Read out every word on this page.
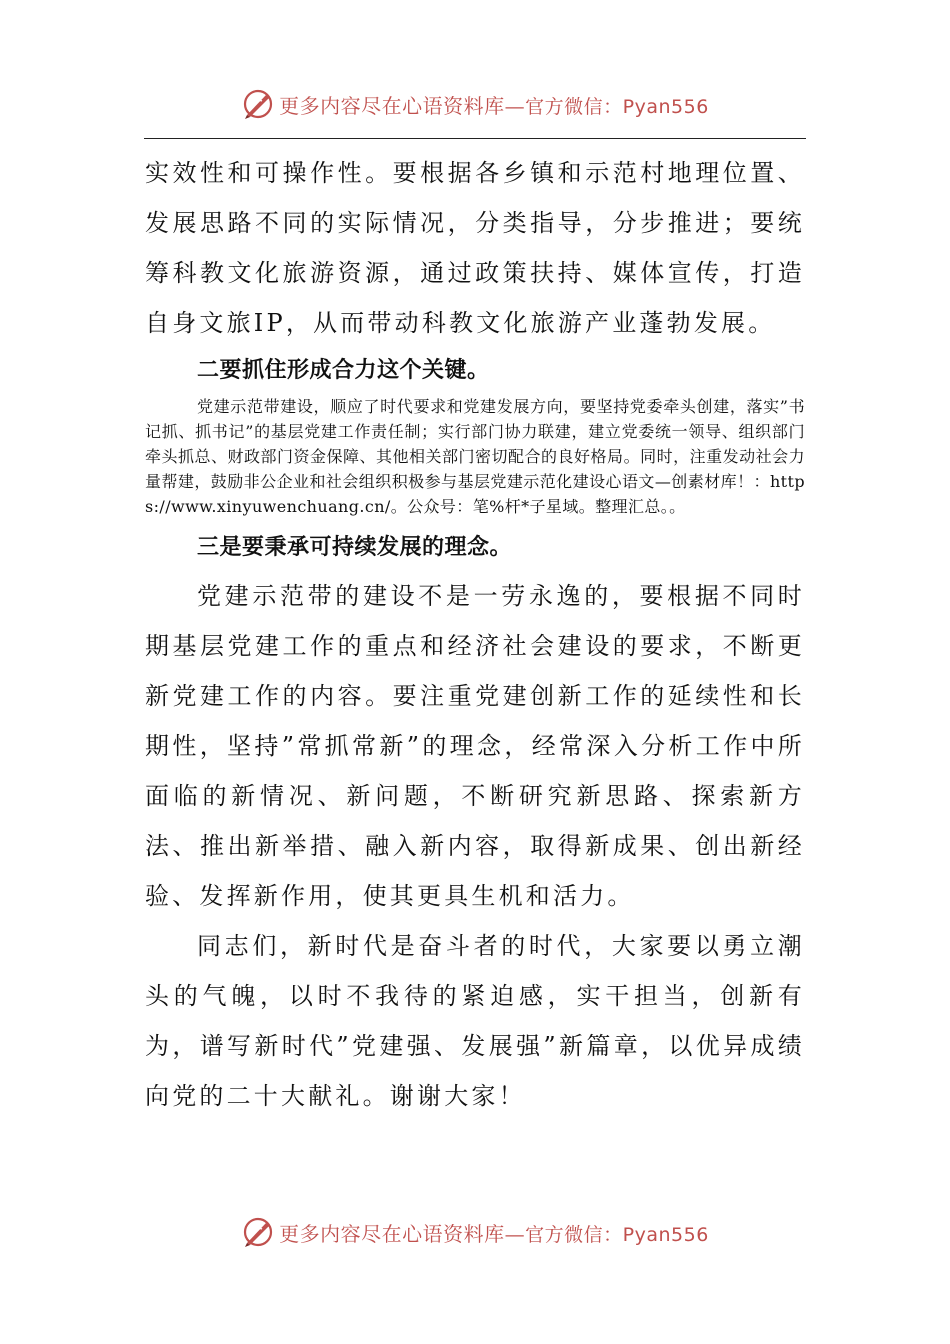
更多内容尽在心语资料库—官方微信：Pyan556

实效性和可操作性。要根据各乡镇和示范村地理位置、发展思路不同的实际情况，分类指导，分步推进；要统筹科教文化旅游资源，通过政策扶持、媒体宣传，打造自身文旅IP，从而带动科教文化旅游产业蓬勃发展。

二要抓住形成合力这个关键。

党建示范带建设，顺应了时代要求和党建发展方向，要坚持党委牵头创建，落实”书记抓、抓书记”的基层党建工作责任制；实行部门协力联建，建立党委统一领导、组织部门牵头抓总、财政部门资金保障、其他相关部门密切配合的良好格局。同时，注重发动社会力量帮建，鼓励非公企业和社会组织积极参与基层党建示范化建设心语文—创素材库！：https://www.xinyuwenchuang.cn/。公众号：笔%杆*子星域。整理汇总。。

三是要秉承可持续发展的理念。

党建示范带的建设不是一劳永逸的，要根据不同时期基层党建工作的重点和经济社会建设的要求，不断更新党建工作的内容。要注重党建创新工作的延续性和长期性，坚持”常抓常新”的理念，经常深入分析工作中所面临的新情况、新问题，不断研究新思路、探索新方法、推出新举措、融入新内容，取得新成果、创出新经验、发挥新作用，使其更具生机和活力。

同志们，新时代是奋斗者的时代，大家要以勇立潮头的气魄，以时不我待的紧迫感，实干担当，创新有为，谱写新时代”党建强、发展强”新篇章，以优异成绩向党的二十大献礼。谢谢大家！

更多内容尽在心语资料库—官方微信：Pyan556
